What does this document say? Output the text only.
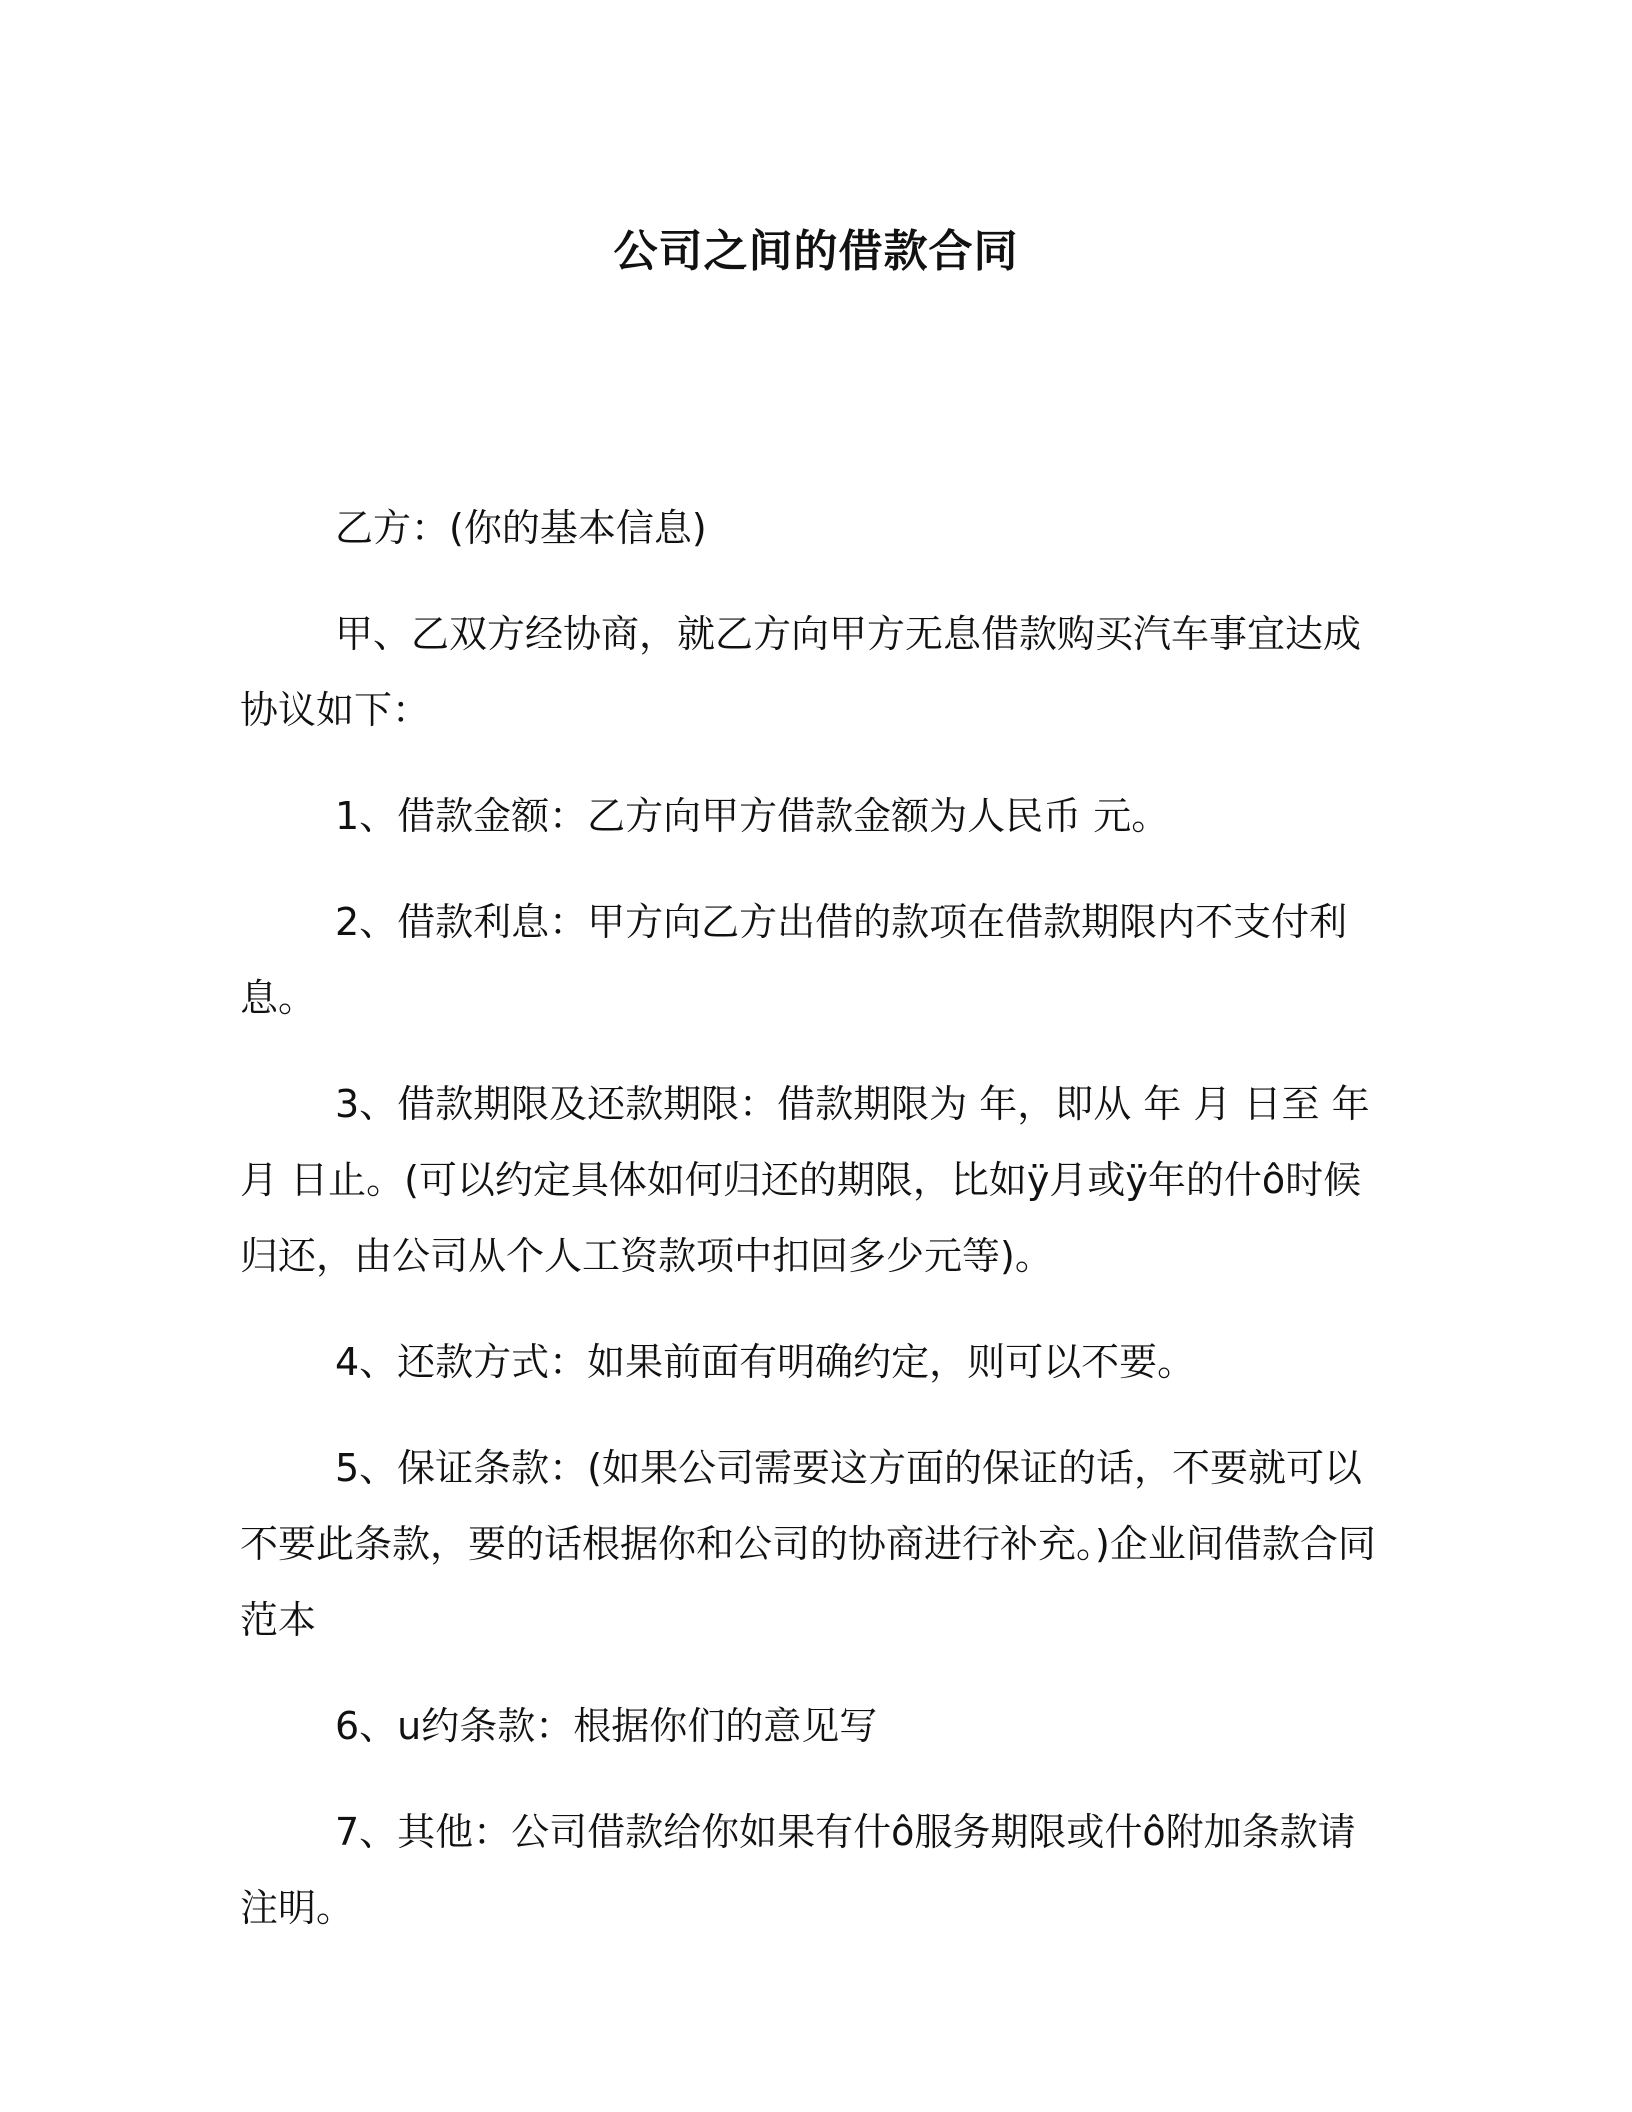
公司之间的借款合同

乙方：(你的基本信息)

甲、乙双方经协商，就乙方向甲方无息借款购买汽车事宜达成协议如下：

1、借款金额：乙方向甲方借款金额为人民币 元。

2、借款利息：甲方向乙方出借的款项在借款期限内不支付利息。

3、借款期限及还款期限：借款期限为 年，即从 年 月 日至 年 月 日止。(可以约定具体如何归还的期限，比如ÿ月或ÿ年的什ô时候归还，由公司从个人工资款项中扣回多少元等)。

4、还款方式：如果前面有明确约定，则可以不要。

5、保证条款：(如果公司需要这方面的保证的话，不要就可以不要此条款，要的话根据你和公司的协商进行补充。)企业间借款合同范本

6、u约条款：根据你们的意见写

7、其他：公司借款给你如果有什ô服务期限或什ô附加条款请注明。
